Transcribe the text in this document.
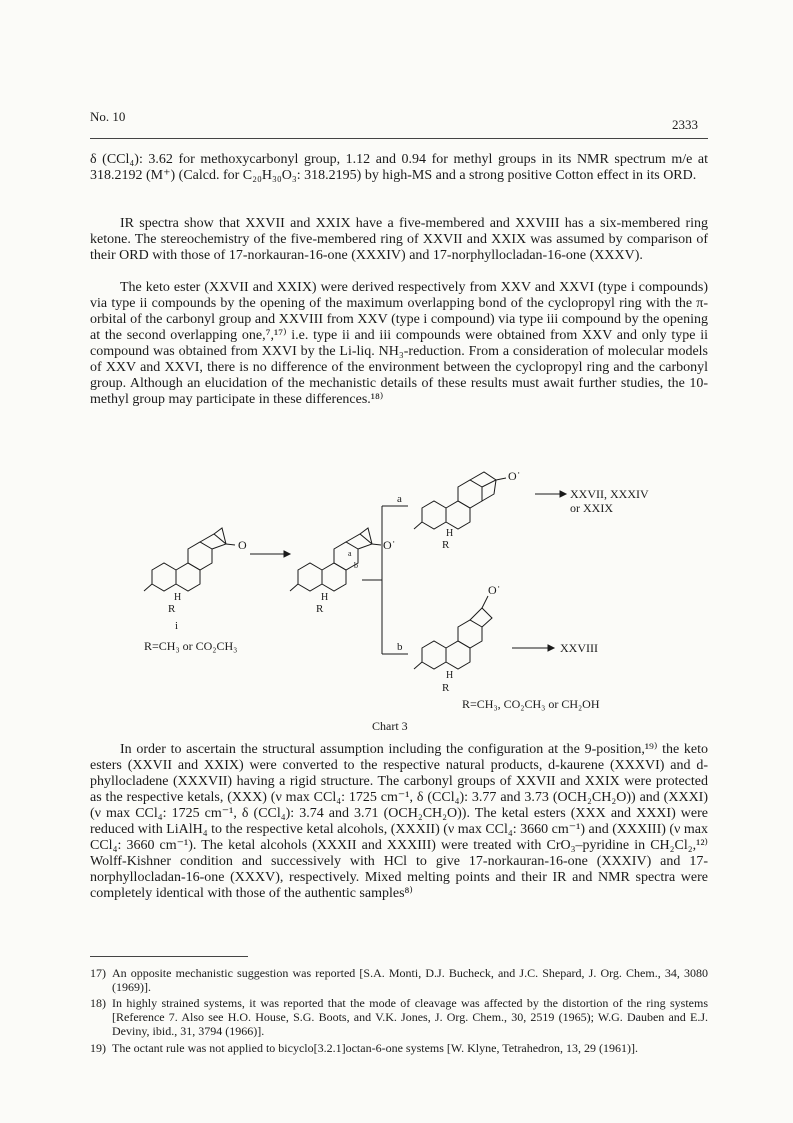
No. 10
2333

δ (CCl₄): 3.62 for methoxycarbonyl group, 1.12 and 0.94 for methyl groups in its NMR spectrum m/e at 318.2192 (M⁺) (Calcd. for C₂₀H₃₀O₃: 318.2195) by high-MS and a strong positive Cotton effect in its ORD.

IR spectra show that XXVII and XXIX have a five-membered and XXVIII has a six-membered ring ketone. The stereochemistry of the five-membered ring of XXVII and XXIX was assumed by comparison of their ORD with those of 17-norkauran-16-one (XXXIV) and 17-norphyllocladan-16-one (XXXV).

The keto ester (XXVII and XXIX) were derived respectively from XXV and XXVI (type i compounds) via type ii compounds by the opening of the maximum overlapping bond of the cyclopropyl ring with the π-orbital of the carbonyl group and XXVIII from XXV (type i compound) via type iii compound by the opening at the second overlapping one,⁷,¹⁷⁾ i.e. type ii and iii compounds were obtained from XXV and only type ii compound was obtained from XXVI by the Li-liq. NH₃-reduction. From a consideration of molecular models of XXV and XXVI, there is no difference of the environment between the cyclopropyl ring and the carbonyl group. Although an elucidation of the mechanistic details of these results must await further studies, the 10-methyl group may participate in these differences.¹⁸⁾

O
H
R
i
R=CH₃ or CO₂CH₃
O˙
a
b
H
R
a
b
O˙
H
R
XXVII, XXXIV
or XXIX
O˙
H
R
XXVIII
R=CH₃, CO₂CH₃ or CH₂OH
Chart 3

In order to ascertain the structural assumption including the configuration at the 9-position,¹⁹⁾ the keto esters (XXVII and XXIX) were converted to the respective natural products, d-kaurene (XXXVI) and d-phyllocladene (XXXVII) having a rigid structure. The carbonyl groups of XXVII and XXIX were protected as the respective ketals, (XXX) (ν max CCl₄: 1725 cm⁻¹, δ (CCl₄): 3.77 and 3.73 (OCH₂CH₂O)) and (XXXI) (ν max CCl₄: 1725 cm⁻¹, δ (CCl₄): 3.74 and 3.71 (OCH₂CH₂O)). The ketal esters (XXX and XXXI) were reduced with LiAlH₄ to the respective ketal alcohols, (XXXII) (ν max CCl₄: 3660 cm⁻¹) and (XXXIII) (ν max CCl₄: 3660 cm⁻¹). The ketal alcohols (XXXII and XXXIII) were treated with CrO₃–pyridine in CH₂Cl₂,¹²⁾ Wolff-Kishner condition and successively with HCl to give 17-norkauran-16-one (XXXIV) and 17-norphyllocladan-16-one (XXXV), respectively. Mixed melting points and their IR and NMR spectra were completely identical with those of the authentic samples⁸⁾

17) An opposite mechanistic suggestion was reported [S.A. Monti, D.J. Bucheck, and J.C. Shepard, J. Org. Chem., 34, 3080 (1969)].
18) In highly strained systems, it was reported that the mode of cleavage was affected by the distortion of the ring systems [Reference 7. Also see H.O. House, S.G. Boots, and V.K. Jones, J. Org. Chem., 30, 2519 (1965); W.G. Dauben and E.J. Deviny, ibid., 31, 3794 (1966)].
19) The octant rule was not applied to bicyclo[3.2.1]octan-6-one systems [W. Klyne, Tetrahedron, 13, 29 (1961)].
